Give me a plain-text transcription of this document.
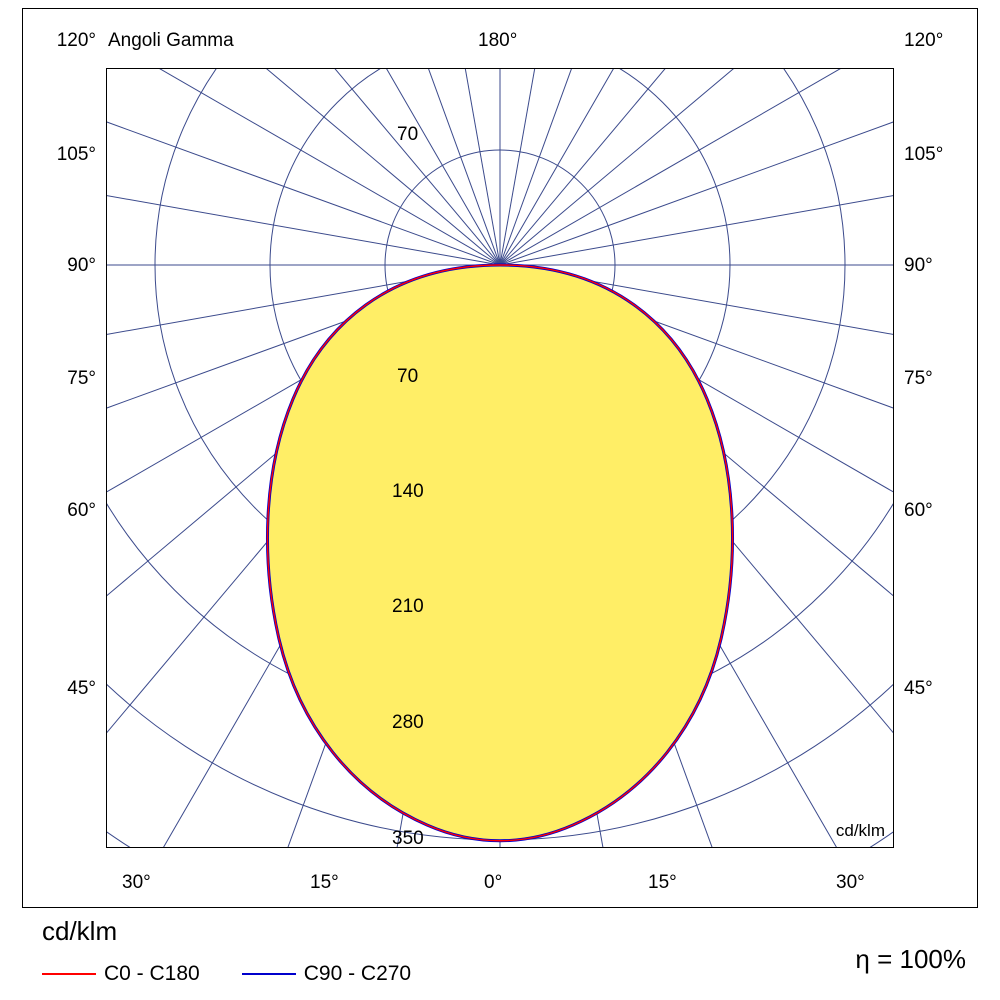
Angoli Gamma	180°
120°
105°
90°
75°
60°
45°
120°
105°
90°
75°
60°
45°
30°	15°	0°	15°	30°
70
70
140
210
280
350	cd/klm
cd/klm
η = 100%
C0 - C180	C90 - C270
